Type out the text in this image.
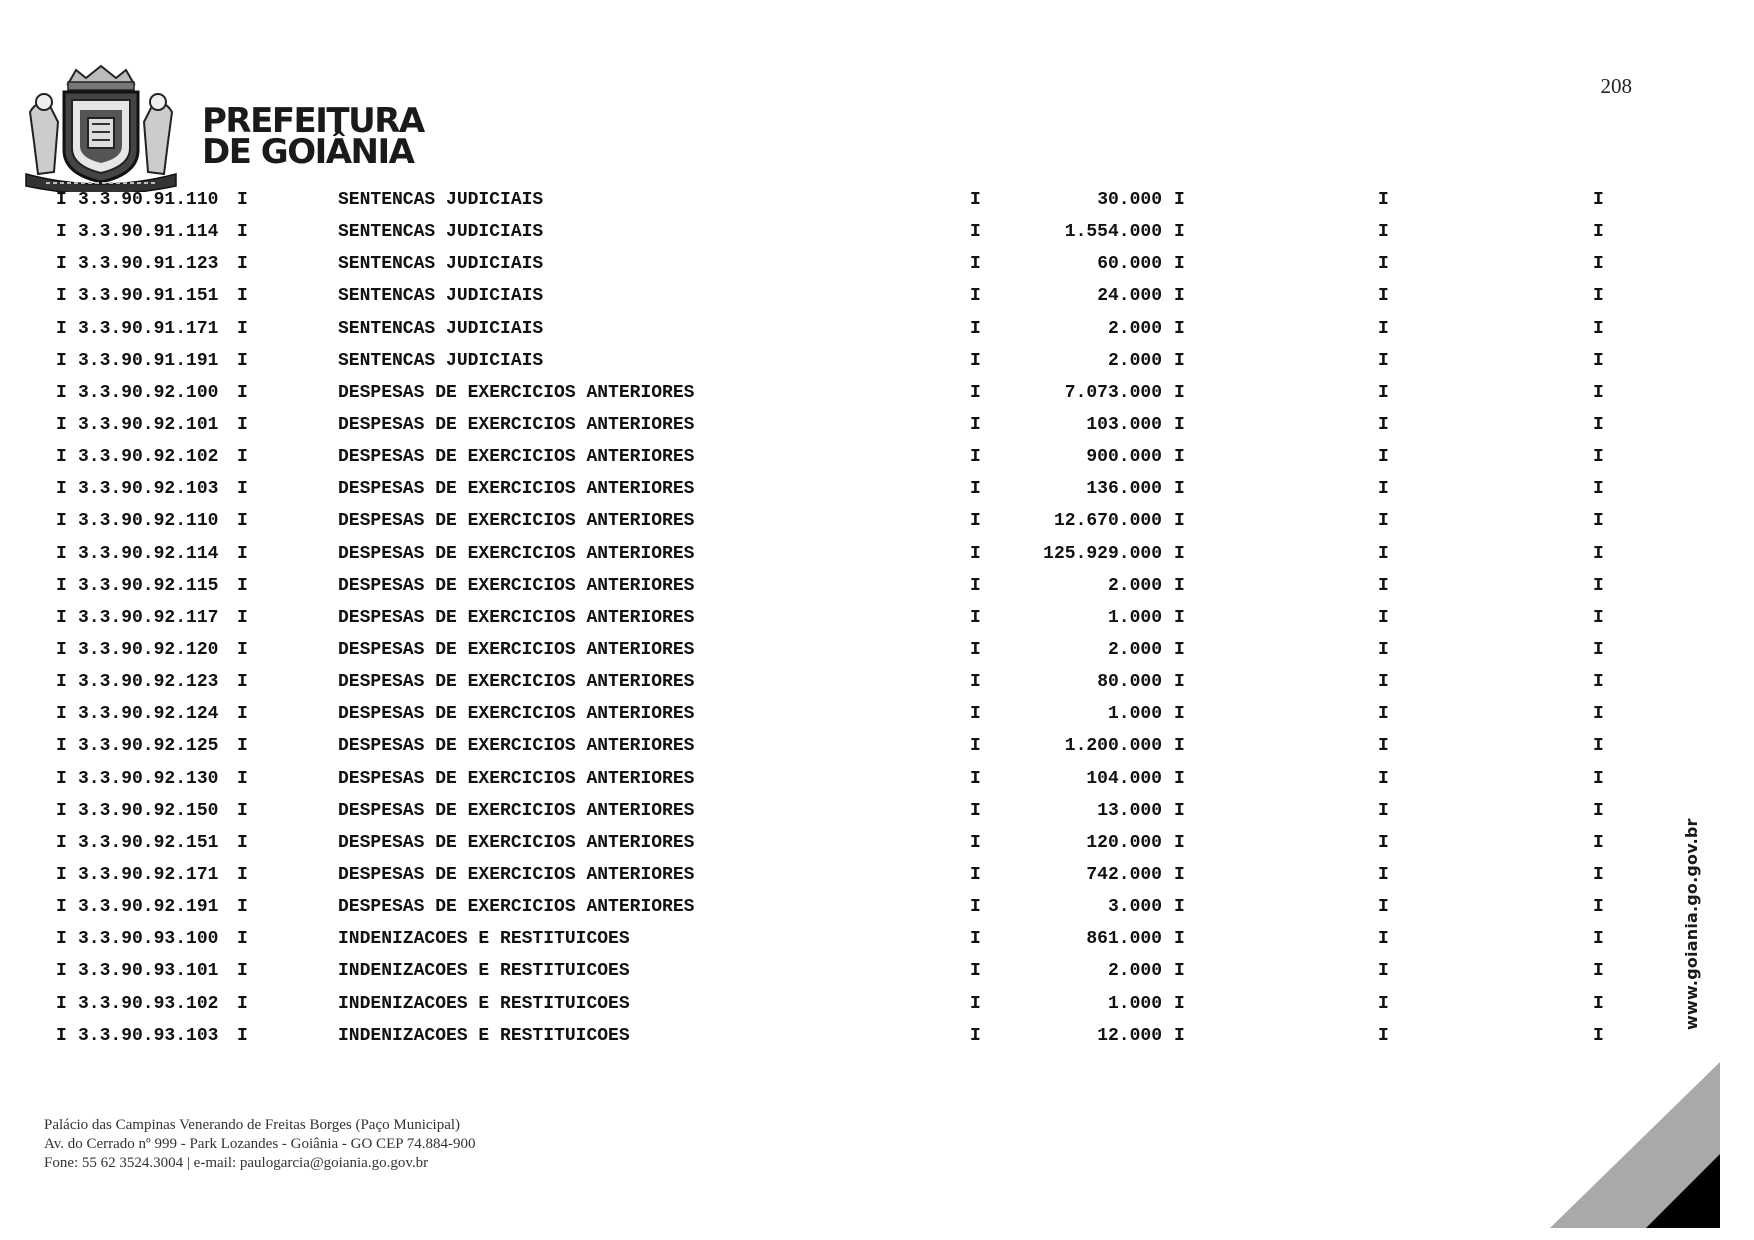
208
PREFEITURA
DE GOIÂNIA
I 3.3.90.91.110 I	SENTENCAS JUDICIAIS	I	30.000 I	I	I
I 3.3.90.91.114 I	SENTENCAS JUDICIAIS	I	1.554.000 I	I	I
I 3.3.90.91.123 I	SENTENCAS JUDICIAIS	I	60.000 I	I	I
I 3.3.90.91.151 I	SENTENCAS JUDICIAIS	I	24.000 I	I	I
I 3.3.90.91.171 I	SENTENCAS JUDICIAIS	I	2.000 I	I	I
I 3.3.90.91.191 I	SENTENCAS JUDICIAIS	I	2.000 I	I	I
I 3.3.90.92.100 I	DESPESAS DE EXERCICIOS ANTERIORES	I	7.073.000 I	I	I
I 3.3.90.92.101 I	DESPESAS DE EXERCICIOS ANTERIORES	I	103.000 I	I	I
I 3.3.90.92.102 I	DESPESAS DE EXERCICIOS ANTERIORES	I	900.000 I	I	I
I 3.3.90.92.103 I	DESPESAS DE EXERCICIOS ANTERIORES	I	136.000 I	I	I
I 3.3.90.92.110 I	DESPESAS DE EXERCICIOS ANTERIORES	I	12.670.000 I	I	I
I 3.3.90.92.114 I	DESPESAS DE EXERCICIOS ANTERIORES	I	125.929.000 I	I	I
I 3.3.90.92.115 I	DESPESAS DE EXERCICIOS ANTERIORES	I	2.000 I	I	I
I 3.3.90.92.117 I	DESPESAS DE EXERCICIOS ANTERIORES	I	1.000 I	I	I
I 3.3.90.92.120 I	DESPESAS DE EXERCICIOS ANTERIORES	I	2.000 I	I	I
I 3.3.90.92.123 I	DESPESAS DE EXERCICIOS ANTERIORES	I	80.000 I	I	I
I 3.3.90.92.124 I	DESPESAS DE EXERCICIOS ANTERIORES	I	1.000 I	I	I
I 3.3.90.92.125 I	DESPESAS DE EXERCICIOS ANTERIORES	I	1.200.000 I	I	I
I 3.3.90.92.130 I	DESPESAS DE EXERCICIOS ANTERIORES	I	104.000 I	I	I
I 3.3.90.92.150 I	DESPESAS DE EXERCICIOS ANTERIORES	I	13.000 I	I	I
I 3.3.90.92.151 I	DESPESAS DE EXERCICIOS ANTERIORES	I	120.000 I	I	I
I 3.3.90.92.171 I	DESPESAS DE EXERCICIOS ANTERIORES	I	742.000 I	I	I
I 3.3.90.92.191 I	DESPESAS DE EXERCICIOS ANTERIORES	I	3.000 I	I	I
I 3.3.90.93.100 I	INDENIZACOES E RESTITUICOES	I	861.000 I	I	I
I 3.3.90.93.101 I	INDENIZACOES E RESTITUICOES	I	2.000 I	I	I
I 3.3.90.93.102 I	INDENIZACOES E RESTITUICOES	I	1.000 I	I	I
I 3.3.90.93.103 I	INDENIZACOES E RESTITUICOES	I	12.000 I	I	I
www.goiania.go.gov.br
Palácio das Campinas Venerando de Freitas Borges (Paço Municipal)
Av. do Cerrado nº 999 - Park Lozandes - Goiânia - GO CEP 74.884-900
Fone: 55 62 3524.3004 | e-mail: paulogarcia@goiania.go.gov.br
